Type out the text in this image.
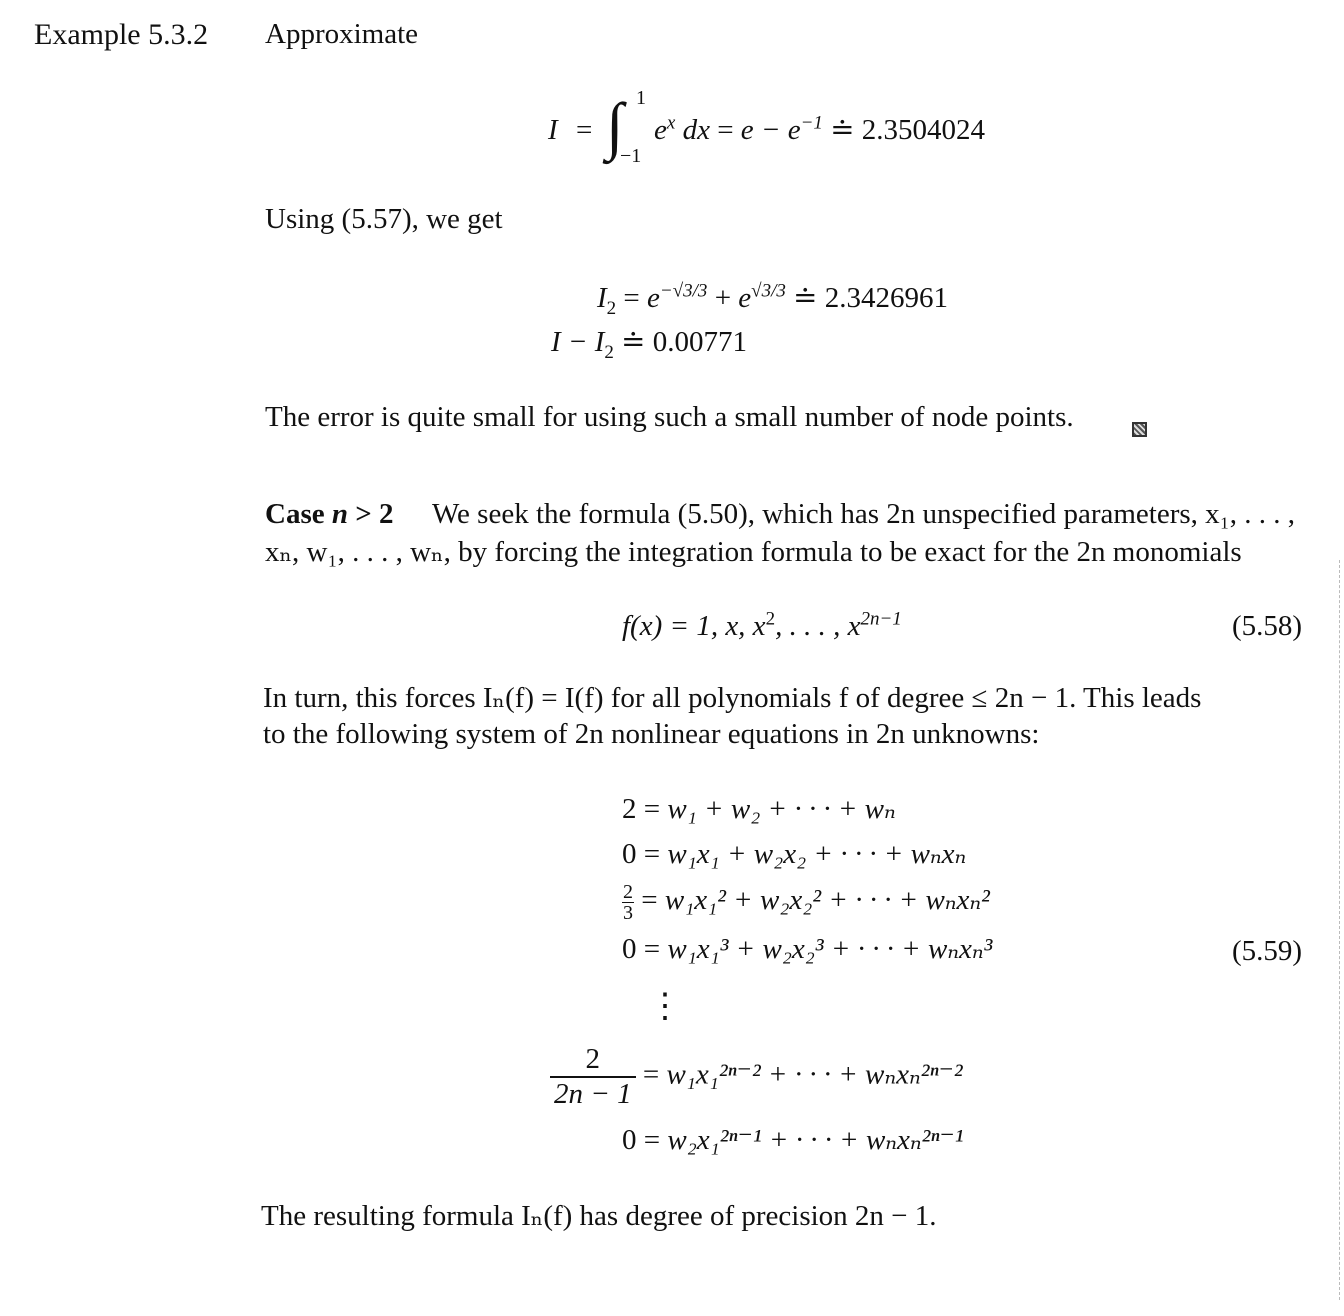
Example 5.3.2 Approximate
I = ∫ 1
−1
$e^x$ dx = $e - e^{-1}$ ≐ 2.3504024
Using (5.57), we get
$I_2 = e^{-√3/3} + e^{√3/3}$ ≐ 2.3426961
$I - I_2$ ≐ 0.00771
The error is quite small for using such a small number of node points.
Case n > 2 We seek the formula (5.50), which has 2n unspecified parameters, x₁, . . . ,
xₙ, w₁, . . . , wₙ, by forcing the integration formula to be exact for the 2n monomials
f(x) = 1, x, $x^2$, . . . , $x^{2n-1}$	(5.58)
In turn, this forces Iₙ(f) = I(f) for all polynomials f of degree ≤ 2n − 1. This leads
to the following system of 2n nonlinear equations in 2n unknowns:
2 = w₁ + w₂ + · · · + wₙ
0 = w₁x₁ + w₂x₂ + · · · + wₙxₙ
$\frac{2}{3} = w_1x_1^2 + w_2x_2^2$ + · · · + wₙxₙ²
0 = w₁x₁³ + w₂x₂³ + · · · + wₙxₙ³	(5.59)
⋮
$\frac{2}{2n - 1} = w_1x_1^{2n-2}$ + · · · + wₙxₙ²ⁿ⁻²
0 = w₂x₁²ⁿ⁻¹ + · · · + wₙxₙ²ⁿ⁻¹
The resulting formula Iₙ(f) has degree of precision 2n − 1.
